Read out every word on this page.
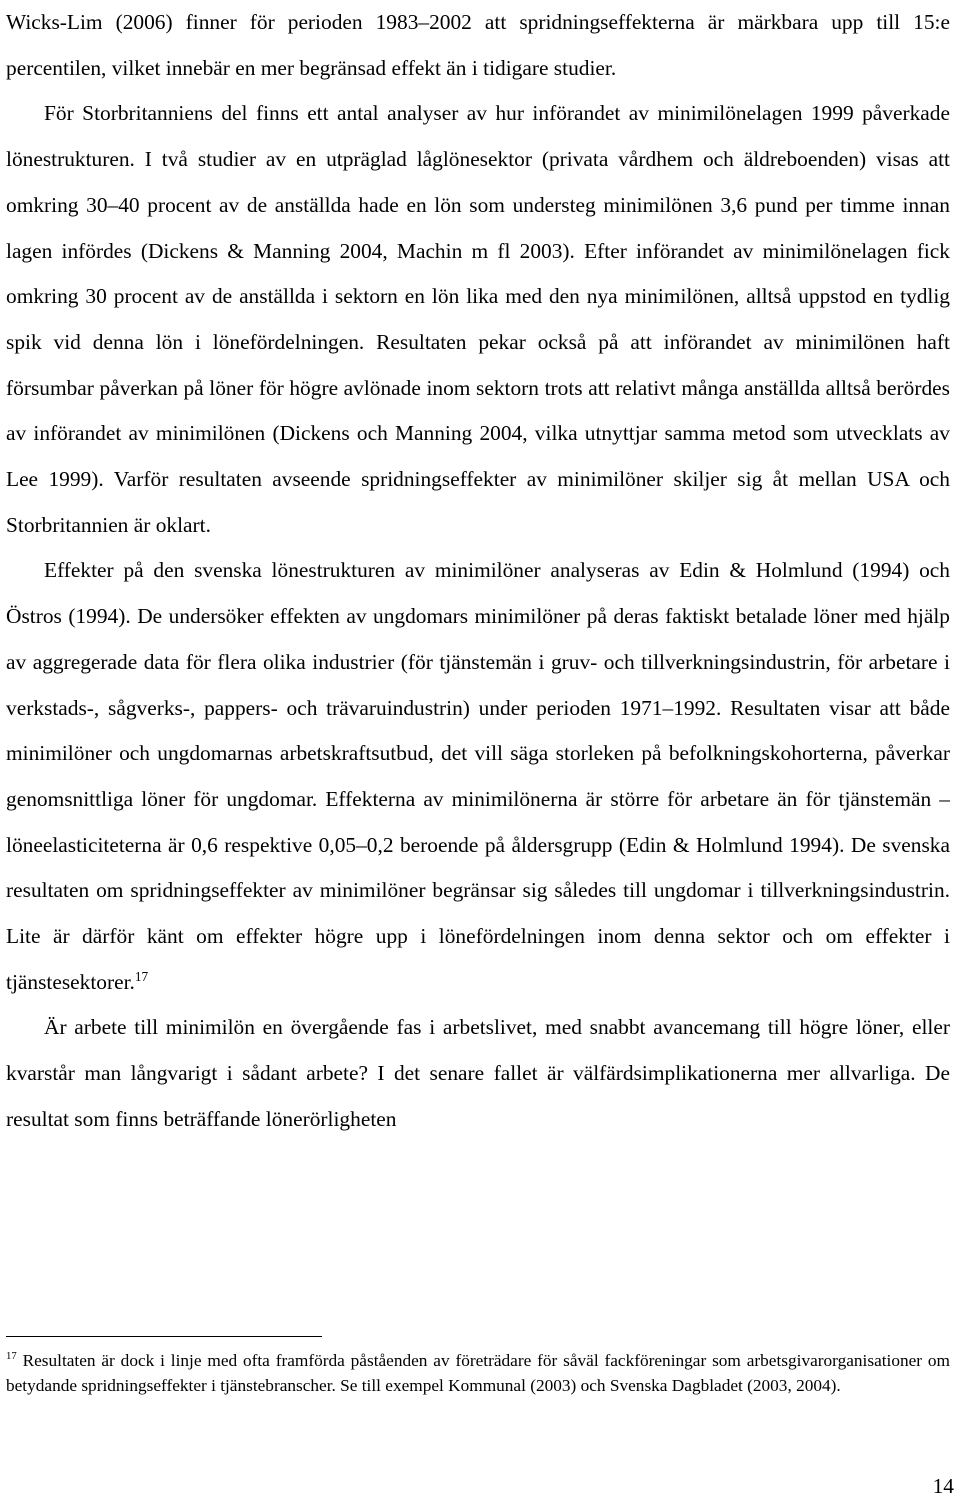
Wicks-Lim (2006) finner för perioden 1983–2002 att spridningseffekterna är märkbara upp till 15:e percentilen, vilket innebär en mer begränsad effekt än i tidigare studier.

För Storbritanniens del finns ett antal analyser av hur införandet av minimilönelagen 1999 påverkade lönestrukturen. I två studier av en utpräglad låglönesektor (privata vårdhem och äldreboenden) visas att omkring 30–40 procent av de anställda hade en lön som understeg minimilönen 3,6 pund per timme innan lagen infördes (Dickens & Manning 2004, Machin m fl 2003). Efter införandet av minimilönelagen fick omkring 30 procent av de anställda i sektorn en lön lika med den nya minimilönen, alltså uppstod en tydlig spik vid denna lön i lönefördelningen. Resultaten pekar också på att införandet av minimilönen haft försumbar påverkan på löner för högre avlönade inom sektorn trots att relativt många anställda alltså berördes av införandet av minimilönen (Dickens och Manning 2004, vilka utnyttjar samma metod som utvecklats av Lee 1999). Varför resultaten avseende spridningseffekter av minimilöner skiljer sig åt mellan USA och Storbritannien är oklart.

Effekter på den svenska lönestrukturen av minimilöner analyseras av Edin & Holmlund (1994) och Östros (1994). De undersöker effekten av ungdomars minimilöner på deras faktiskt betalade löner med hjälp av aggregerade data för flera olika industrier (för tjänstemän i gruv- och tillverkningsindustrin, för arbetare i verkstads-, sågverks-, pappers- och trävaruindustrin) under perioden 1971–1992. Resultaten visar att både minimilöner och ungdomarnas arbetskraftsutbud, det vill säga storleken på befolkningskohorterna, påverkar genomsnittliga löner för ungdomar. Effekterna av minimilönerna är större för arbetare än för tjänstemän – löneelasticiteterna är 0,6 respektive 0,05–0,2 beroende på åldersgrupp (Edin & Holmlund 1994). De svenska resultaten om spridningseffekter av minimilöner begränsar sig således till ungdomar i tillverkningsindustrin. Lite är därför känt om effekter högre upp i lönefördelningen inom denna sektor och om effekter i tjänstesektorer.$^{17}$

Är arbete till minimilön en övergående fas i arbetslivet, med snabbt avancemang till högre löner, eller kvarstår man långvarigt i sådant arbete? I det senare fallet är välfärdsimplikationerna mer allvarliga. De resultat som finns beträffande lönerörligheten

$^{17}$ Resultaten är dock i linje med ofta framförda påståenden av företrädare för såväl fackföreningar som arbetsgivarorganisationer om betydande spridningseffekter i tjänstebranscher. Se till exempel Kommunal (2003) och Svenska Dagbladet (2003, 2004).

14
